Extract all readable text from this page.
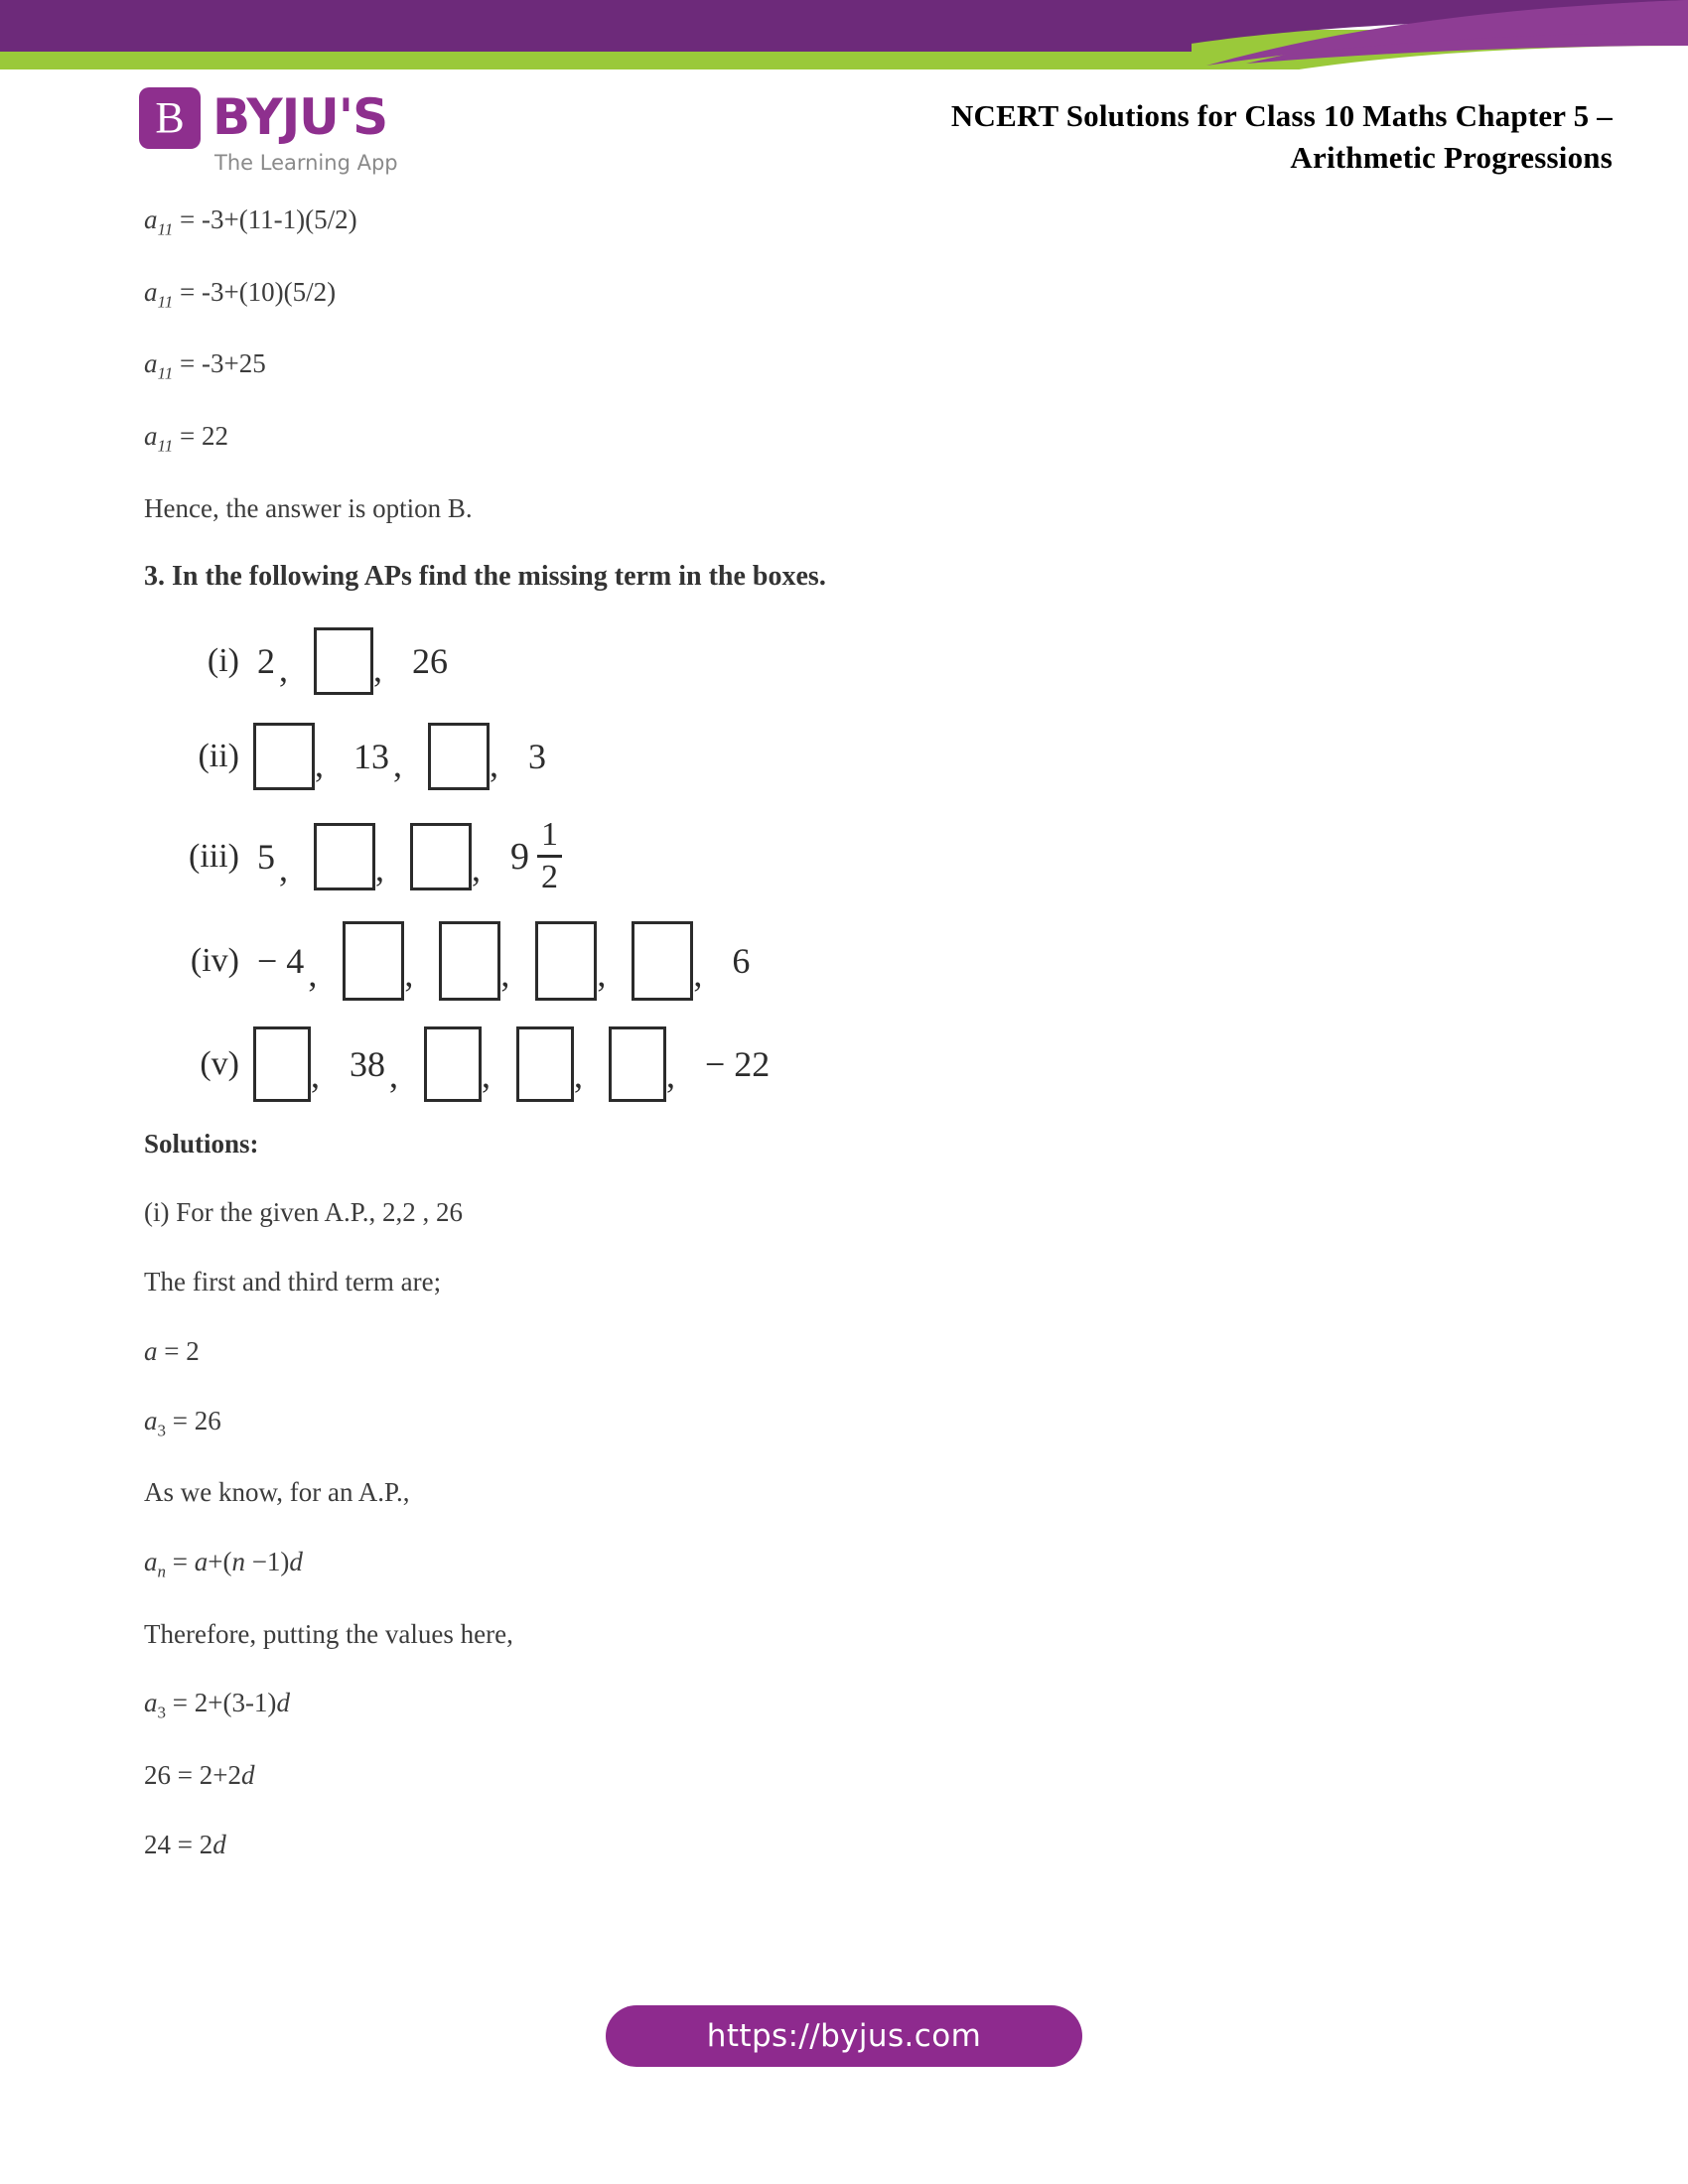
B BYJU'S
The Learning App
NCERT Solutions for Class 10 Maths Chapter 5 –
Arithmetic Progressions

$a_{11} = -3+(11-1)(5/2)$

$a_{11} = -3+(10)(5/2)$

$a_{11} = -3+25$

$a_{11} = 22$

Hence, the answer is option B.

3. In the following APs find the missing term in the boxes.

(i) 2 ,	, 26
(ii)	, 13 ,	, 3
(iii) 5 ,	,	, $9 \frac{1}{2}$
(iv) − 4 ,	,	,	,	, 6
(v)	, 38 ,	,	,	, − 22

Solutions:

(i) For the given A.P., 2,2 , 26

The first and third term are;

a = 2

$a_3 = 26$

As we know, for an A.P.,

$a_n = a+(n -1)d$

Therefore, putting the values here,

$a_3 = 2+(3-1)d$

26 = 2+2d

24 = 2d

https://byjus.com
